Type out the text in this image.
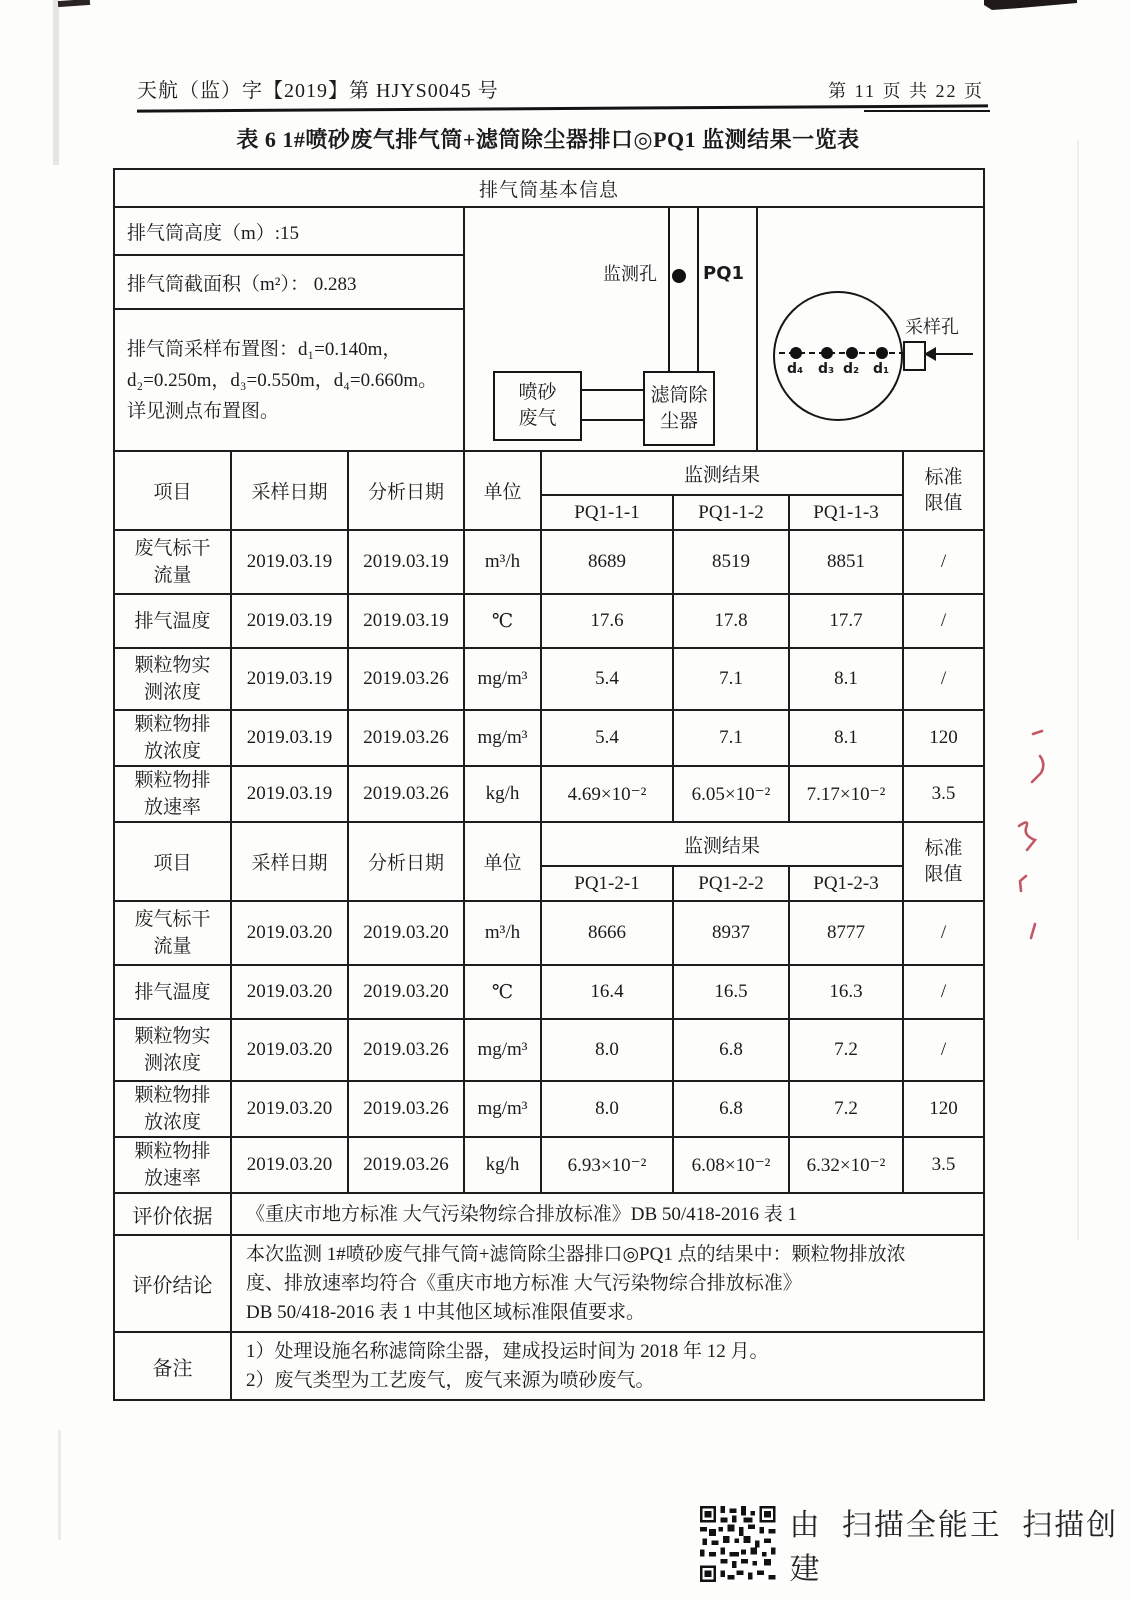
天航（监）字【2019】第 HJYS0045 号	第 11 页 共 22 页
表 6 1#喷砂废气排气筒+滤筒除尘器排口◎PQ1 监测结果一览表
排气筒基本信息							
排气筒高度（m）:15	
监测孔	PQ1
喷砂
废气
滤筒除
尘器
d₄ d₃ d₂ d₁
采样孔

排气筒截面积（m²）： 0.283							

排气筒采样布置图：d₁=0.140m，
d₂=0.250m，d₃=0.550m，d₄=0.660m。
详见测点布置图。							

项目	采样日期	分析日期	单位	监测结果			标准
限值

				PQ1-1-1	PQ1-1-2	PQ1-1-3	
废气标干流量	2019.03.19	2019.03.19	m³/h	8689	8519	8851	/
排气温度	2019.03.19	2019.03.19	℃	17.6	17.8	17.7	/
颗粒物实测浓度	2019.03.19	2019.03.26	mg/m³	5.4	7.1	8.1	/
颗粒物排放浓度	2019.03.19	2019.03.26	mg/m³	5.4	7.1	8.1	120
颗粒物排放速率	2019.03.19	2019.03.26	kg/h	4.69×10⁻²	6.05×10⁻²	7.17×10⁻²	3.5
项目	采样日期	分析日期	单位	监测结果			标准
限值

				PQ1-2-1	PQ1-2-2	PQ1-2-3	
废气标干流量	2019.03.20	2019.03.20	m³/h	8666	8937	8777	/
排气温度	2019.03.20	2019.03.20	℃	16.4	16.5	16.3	/
颗粒物实测浓度	2019.03.20	2019.03.26	mg/m³	8.0	6.8	7.2	/
颗粒物排放浓度	2019.03.20	2019.03.26	mg/m³	8.0	6.8	7.2	120
颗粒物排放速率	2019.03.20	2019.03.26	kg/h	6.93×10⁻²	6.08×10⁻²	6.32×10⁻²	3.5
评价依据	《重庆市地方标准 大气污染物综合排放标准》DB 50/418-2016 表 1						
评价结论	本次监测 1#喷砂废气排气筒+滤筒除尘器排口◎PQ1 点的结果中：颗粒物排放浓
度、排放速率均符合《重庆市地方标准 大气污染物综合排放标准》
DB 50/418-2016 表 1 中其他区域标准限值要求。						

备注	1）处理设施名称滤筒除尘器，建成投运时间为 2018 年 12 月。
2）废气类型为工艺废气，废气来源为喷砂废气。						
由 扫描全能王 扫描创建
